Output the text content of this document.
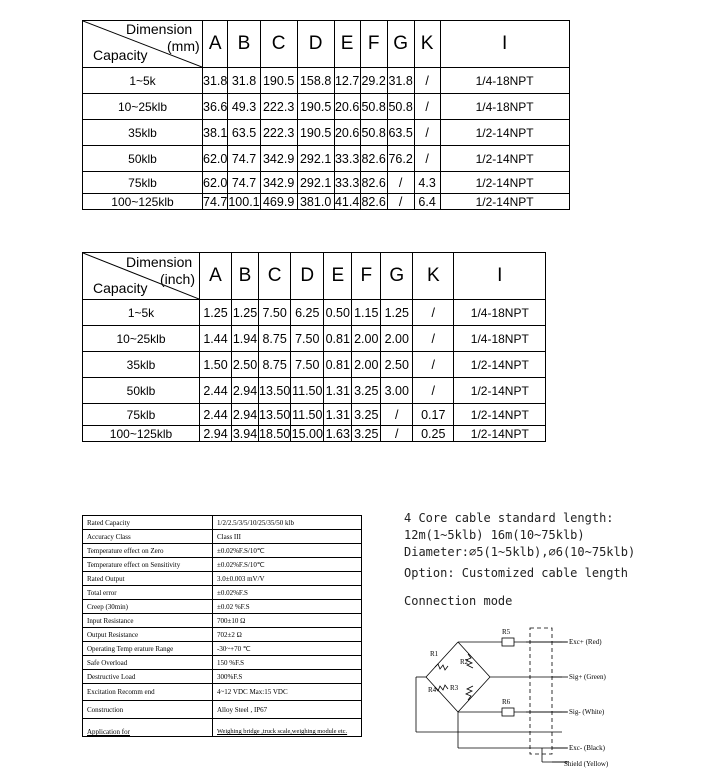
Dimension
(mm)
Capacity	A	B	C	D	E	F	G	K	I
1~5k	31.8	31.8	190.5	158.8	12.7	29.2	31.8	/	1/4-18NPT
10~25klb	36.6	49.3	222.3	190.5	20.6	50.8	50.8	/	1/4-18NPT
35klb	38.1	63.5	222.3	190.5	20.6	50.8	63.5	/	1/2-14NPT
50klb	62.0	74.7	342.9	292.1	33.3	82.6	76.2	/	1/2-14NPT
75klb	62.0	74.7	342.9	292.1	33.3	82.6	/	4.3	1/2-14NPT
100~125klb	74.7	100.1	469.9	381.0	41.4	82.6	/	6.4	1/2-14NPT
Dimension
(inch)
Capacity	A	B	C	D	E	F	G	K	I
1~5k	1.25	1.25	7.50	6.25	0.50	1.15	1.25	/	1/4-18NPT
10~25klb	1.44	1.94	8.75	7.50	0.81	2.00	2.00	/	1/4-18NPT
35klb	1.50	2.50	8.75	7.50	0.81	2.00	2.50	/	1/2-14NPT
50klb	2.44	2.94	13.50	11.50	1.31	3.25	3.00	/	1/2-14NPT
75klb	2.44	2.94	13.50	11.50	1.31	3.25	/	0.17	1/2-14NPT
100~125klb	2.94	3.94	18.50	15.00	1.63	3.25	/	0.25	1/2-14NPT
Rated Capacity	1/2/2.5/3/5/10/25/35/50 klb
Accuracy Class	Class III
Temperature effect on Zero	±0.02%F.S/10℃
Temperature effect on Sensitivity	±0.02%F.S/10℃
Rated Output	3.0±0.003 mV/V
Total error	±0.02%F.S
Creep (30min)	±0.02 %F.S
Input Resistance	700±10 Ω
Output Resistance	702±2 Ω
Operating Temp erature Range	-30~+70 ℃
Safe Overload	150 %F.S
Destructive Load	300%F.S
Excitation Recomm end	4~12 VDC Max:15 VDC
Construction	Alloy Steel , IP67
Application for	Weighing bridge ,truck scale,weighing module etc.
4 Core cable standard length:
12m(1~5klb) 16m(10~75klb)
Diameter:⌀5(1~5klb),⌀6(10~75klb)
Option: Customized cable length
Connection mode
R1
R2
R3
R4
R5
R6
Exc+ (Red)
Sig+ (Green)
Sig- (White)
Exc- (Black)
Shield (Yellow)
